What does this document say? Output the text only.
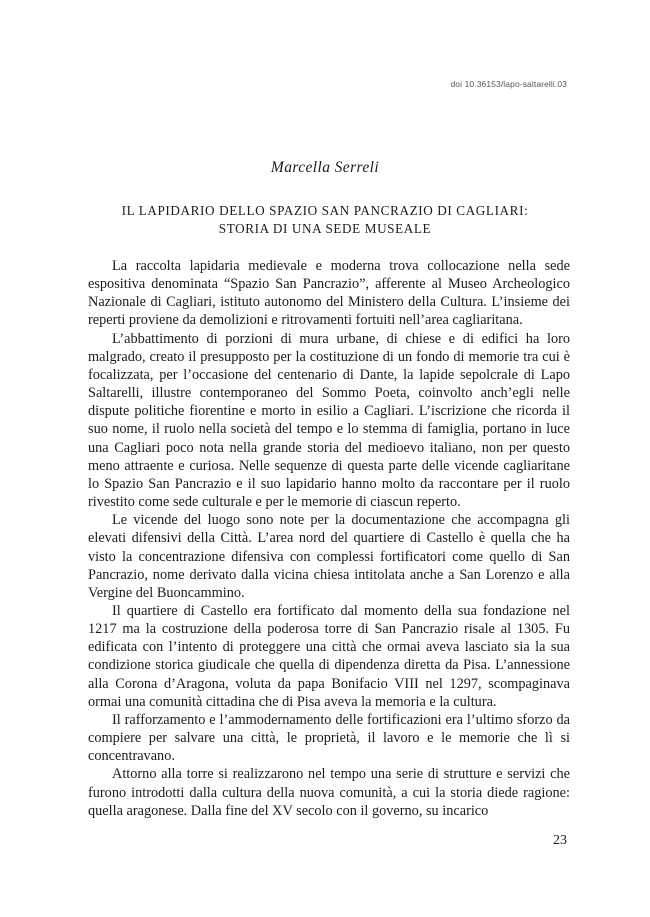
doi 10.36153/lapo-saltarelli.03
Marcella Serreli
IL LAPIDARIO DELLO SPAZIO SAN PANCRAZIO DI CAGLIARI:
STORIA DI UNA SEDE MUSEALE

La raccolta lapidaria medievale e moderna trova collocazione nella sede espositiva denominata “Spazio San Pancrazio”, afferente al Museo Archeologico Nazionale di Cagliari, istituto autonomo del Ministero della Cultura. L’insieme dei reperti proviene da demolizioni e ritrovamenti fortuiti nell’area cagliaritana.

L’abbattimento di porzioni di mura urbane, di chiese e di edifici ha loro malgrado, creato il presupposto per la costituzione di un fondo di memorie tra cui è focalizzata, per l’occasione del centenario di Dante, la lapide sepolcrale di Lapo Saltarelli, illustre contemporaneo del Sommo Poeta, coinvolto anch’egli nelle dispute politiche fiorentine e morto in esilio a Cagliari. L’iscrizione che ricorda il suo nome, il ruolo nella società del tempo e lo stemma di famiglia, portano in luce una Cagliari poco nota nella grande storia del medioevo italiano, non per questo meno attraente e curiosa. Nelle sequenze di questa parte delle vicende cagliaritane lo Spazio San Pancrazio e il suo lapidario hanno molto da raccontare per il ruolo rivestito come sede culturale e per le memorie di ciascun reperto.

Le vicende del luogo sono note per la documentazione che accompagna gli elevati difensivi della Città. L’area nord del quartiere di Castello è quella che ha visto la concentrazione difensiva con complessi fortificatori come quello di San Pancrazio, nome derivato dalla vicina chiesa intitolata anche a San Lorenzo e alla Vergine del Buoncammino.

Il quartiere di Castello era fortificato dal momento della sua fondazione nel 1217 ma la costruzione della poderosa torre di San Pancrazio risale al 1305. Fu edificata con l’intento di proteggere una città che ormai aveva lasciato sia la sua condizione storica giudicale che quella di dipendenza diretta da Pisa. L’annessione alla Corona d’Aragona, voluta da papa Bonifacio VIII nel 1297, scompaginava ormai una comunità cittadina che di Pisa aveva la memoria e la cultura.

Il rafforzamento e l’ammodernamento delle fortificazioni era l’ultimo sforzo da compiere per salvare una città, le proprietà, il lavoro e le memorie che lì si concentravano.

Attorno alla torre si realizzarono nel tempo una serie di strutture e servizi che furono introdotti dalla cultura della nuova comunità, a cui la storia diede ragione: quella aragonese. Dalla fine del XV secolo con il governo, su incarico

23
